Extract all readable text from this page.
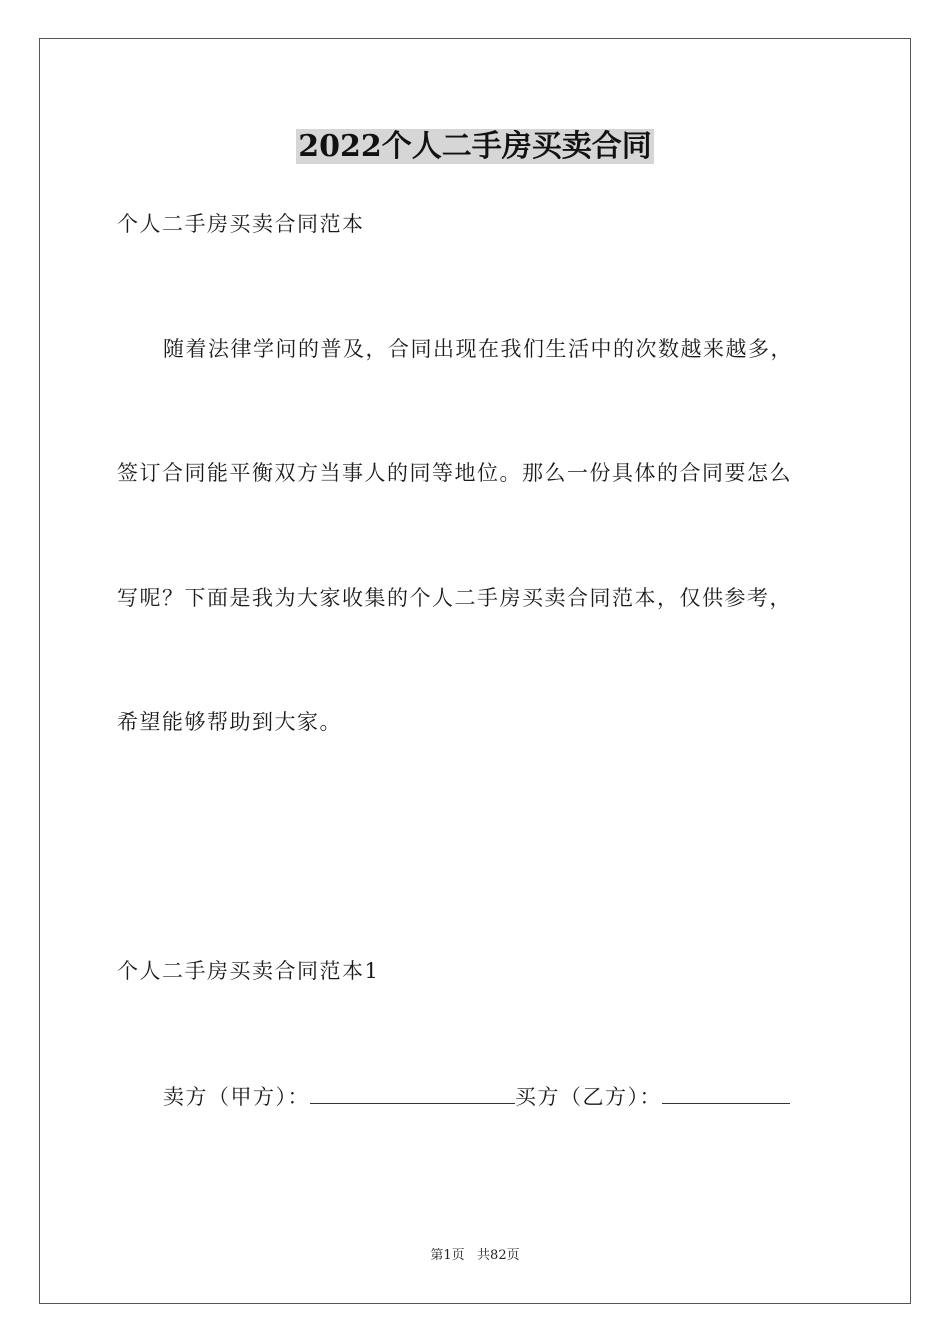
2022个人二手房买卖合同
个人二手房买卖合同范本
随着法律学问的普及，合同出现在我们生活中的次数越来越多，
签订合同能平衡双方当事人的同等地位。那么一份具体的合同要怎么
写呢？下面是我为大家收集的个人二手房买卖合同范本，仅供参考，
希望能够帮助到大家。
个人二手房买卖合同范本1
卖方（甲方）：	买方（乙方）：
第1页   共82页
